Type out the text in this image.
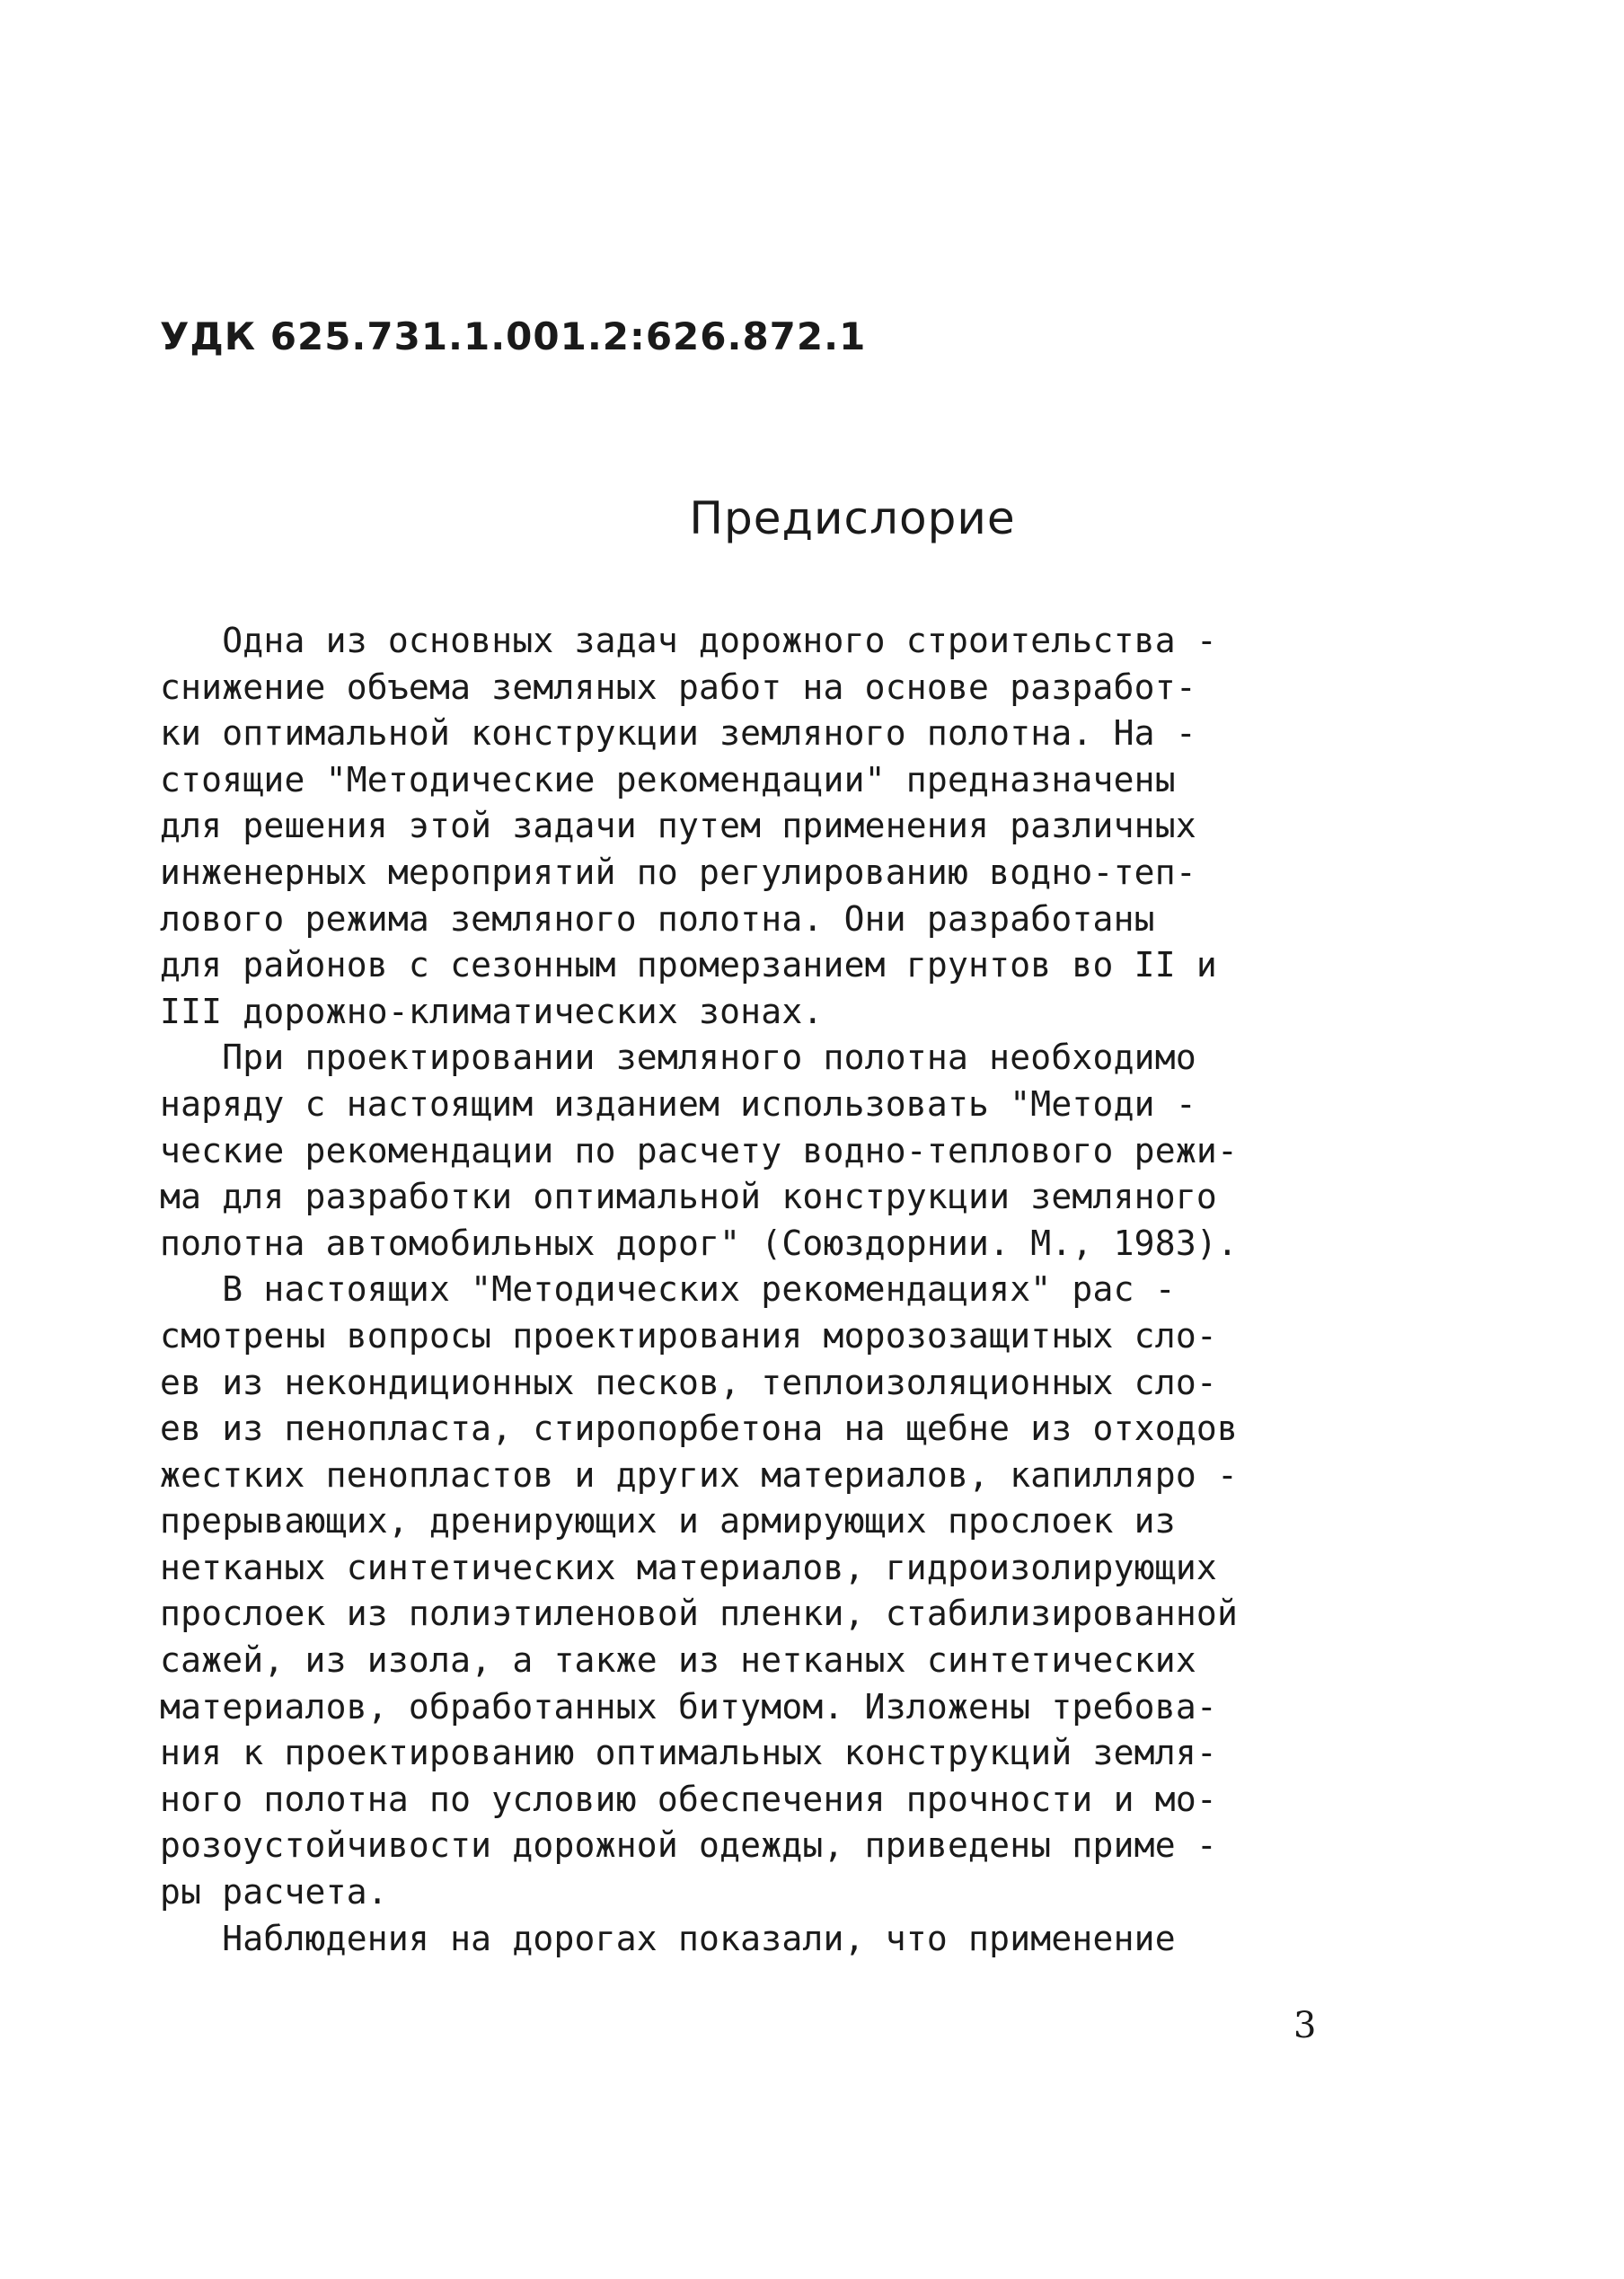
УДК 625.731.1.001.2:626.872.1
Предислоpие
Одна из основных задач дорожного строительства -
снижение объема земляных работ на основе разработ-
ки оптимальной конструкции земляного полотна. На -
стоящие "Методические рекомендации" предназначены
для решения этой задачи путем применения различных
инженерных мероприятий по регулированию водно-теп-
лового режима земляного полотна. Они разработаны
для районов с сезонным промерзанием грунтов во II и
III дорожно-климатических зонах.
При проектировании земляного полотна необходимо
наряду с настоящим изданием использовать "Методи -
ческие рекомендации по расчету водно-теплового режи-
ма для разработки оптимальной конструкции земляного
полотна автомобильных дорог" (Союздорнии. М., 1983).
В настоящих "Методических рекомендациях" рас -
смотрены вопросы проектирования морозозащитных сло-
ев из некондиционных песков, теплоизоляционных сло-
ев из пенопласта, стиропорбетона на щебне из отходов
жестких пенопластов и других материалов, капилляро -
прерывающих, дренирующих и армирующих прослоек из
нетканых синтетических материалов, гидроизолирующих
прослоек из полиэтиленовой пленки, стабилизированной
сажей, из изола, а также из нетканых синтетических
материалов, обработанных битумом. Изложены требова-
ния к проектированию оптимальных конструкций земля-
ного полотна по условию обеспечения прочности и мо-
розоустойчивости дорожной одежды, приведены приме -
ры расчета.
Наблюдения на дорогах показали, что применение
3
